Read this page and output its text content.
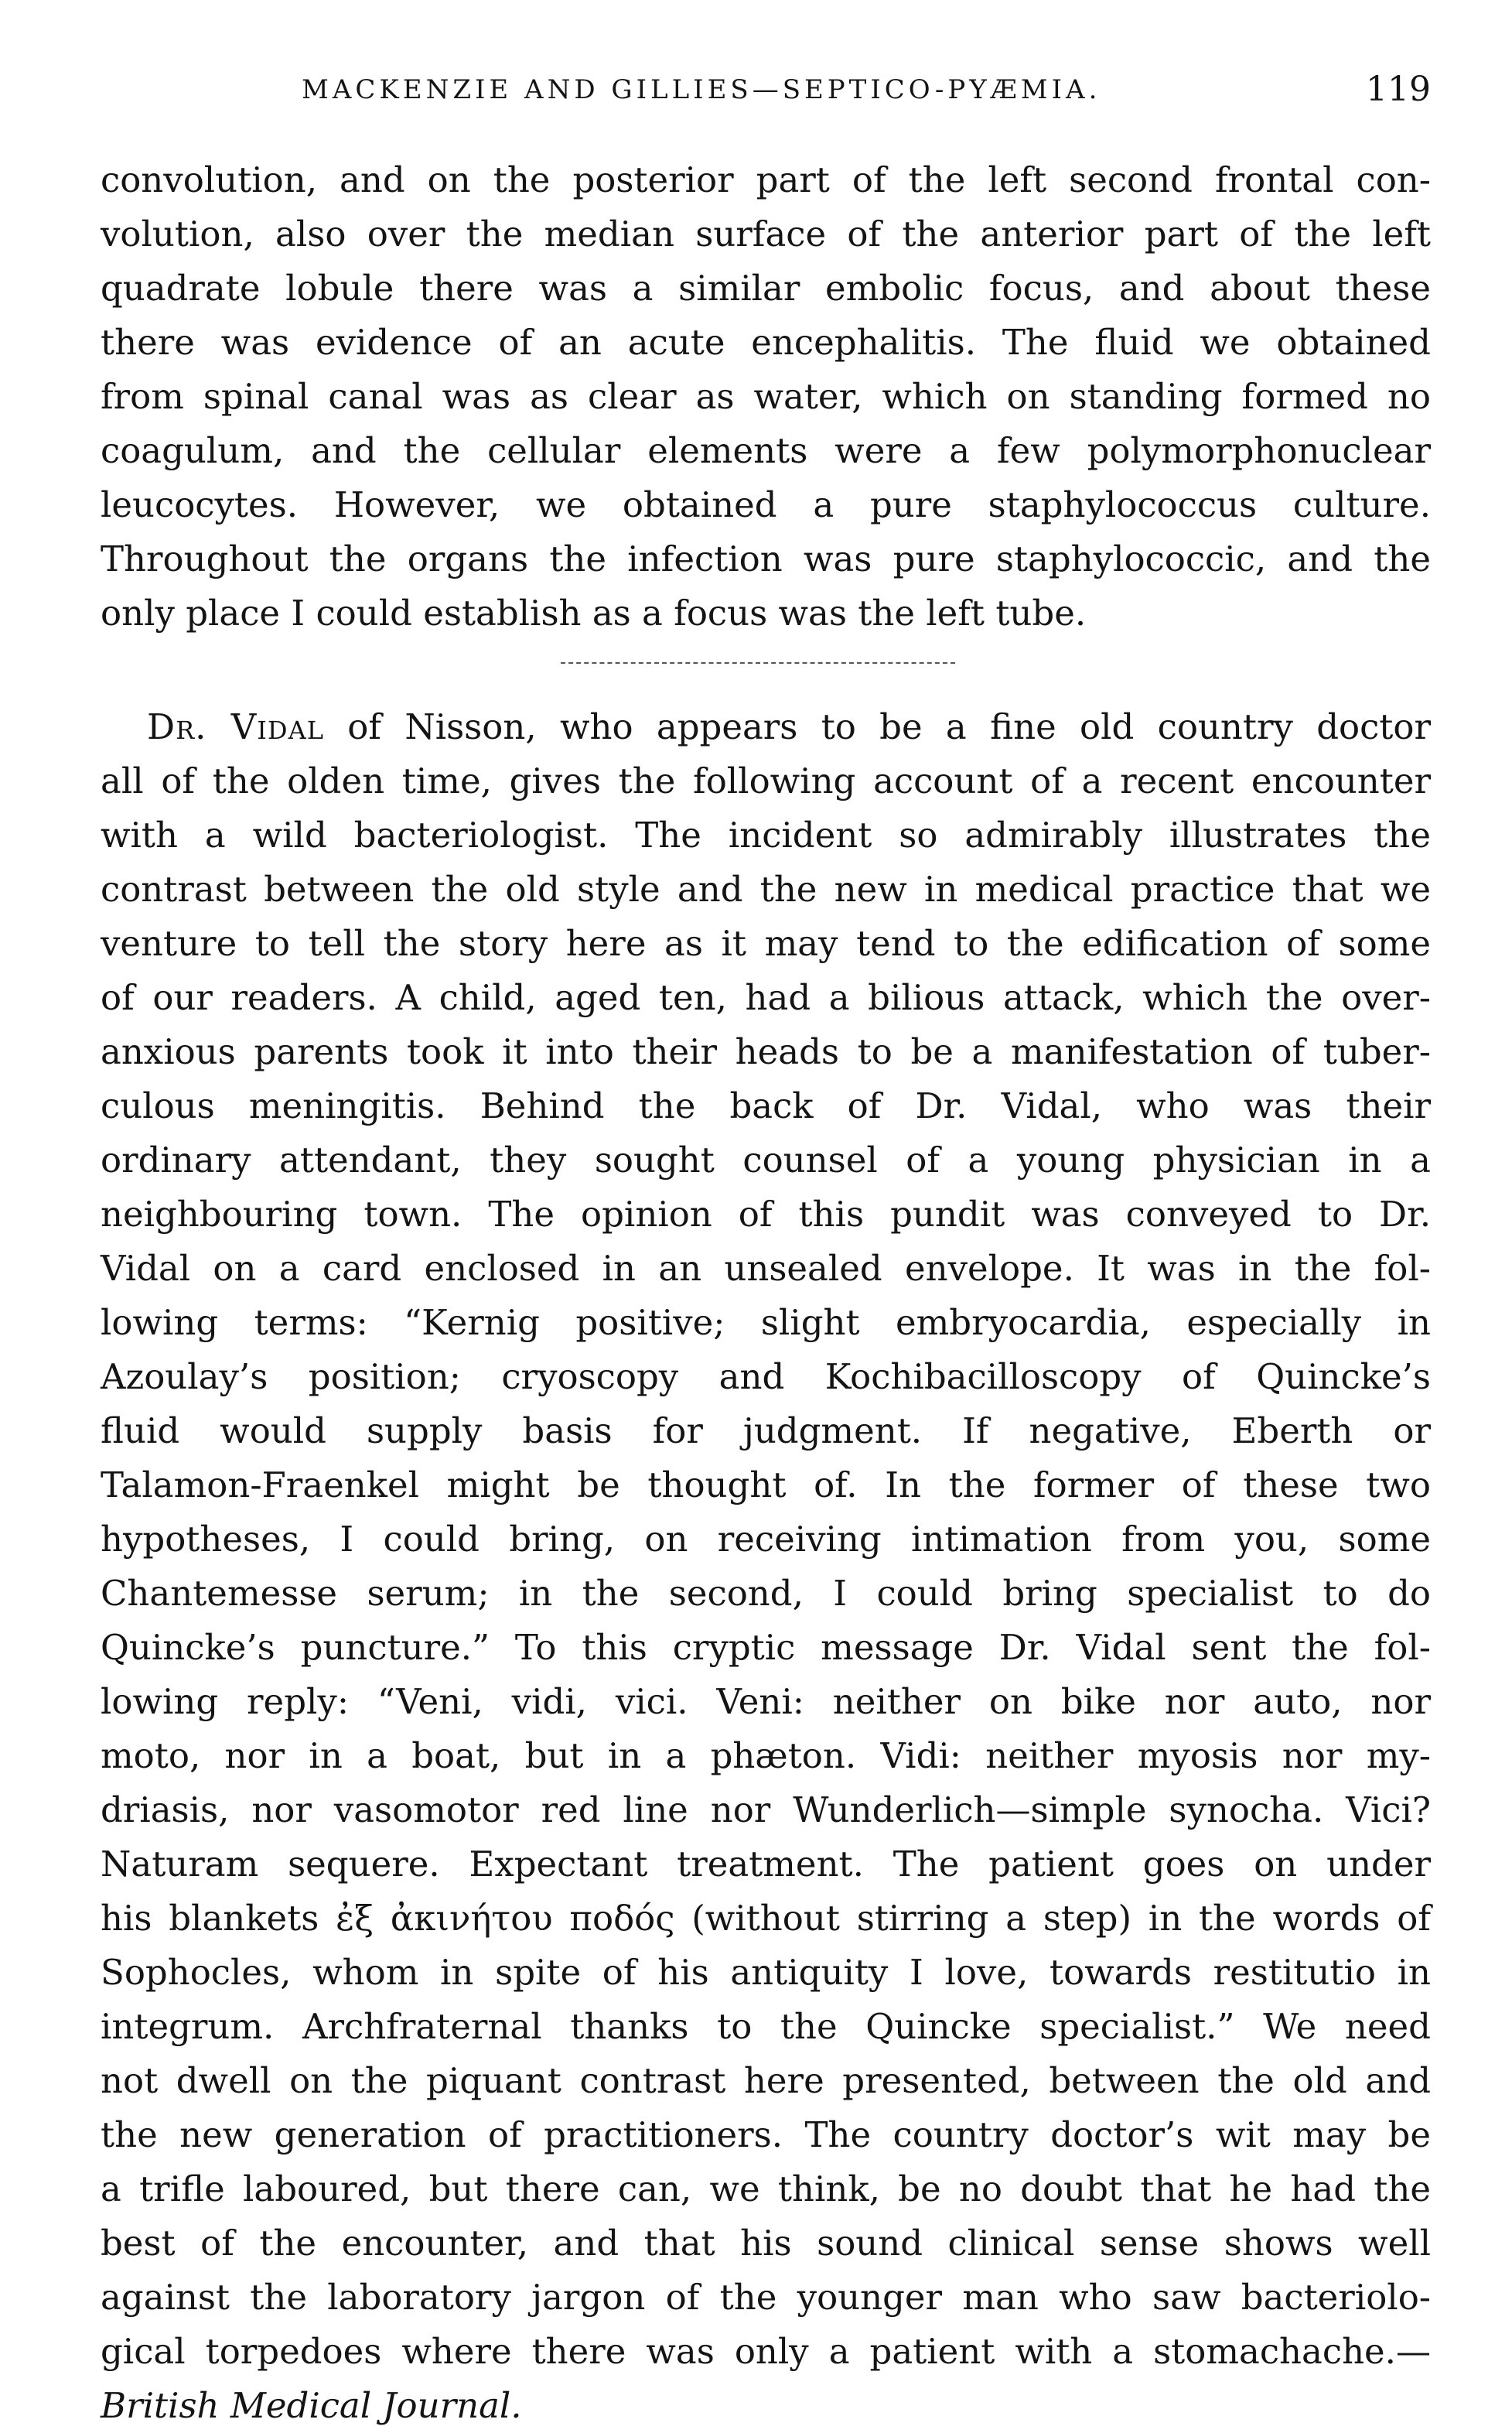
MACKENZIE AND GILLIES—SEPTICO-PYÆMIA.	119
convolution, and on the posterior part of the left second frontal con-
volution, also over the median surface of the anterior part of the left
quadrate lobule there was a similar embolic focus, and about these
there was evidence of an acute encephalitis. The fluid we obtained
from spinal canal was as clear as water, which on standing formed no
coagulum, and the cellular elements were a few polymorphonuclear
leucocytes. However, we obtained a pure staphylococcus culture.
Throughout the organs the infection was pure staphylococcic, and the
only place I could establish as a focus was the left tube.
Dr. Vidal of Nisson, who appears to be a fine old country doctor
all of the olden time, gives the following account of a recent encounter
with a wild bacteriologist. The incident so admirably illustrates the
contrast between the old style and the new in medical practice that we
venture to tell the story here as it may tend to the edification of some
of our readers. A child, aged ten, had a bilious attack, which the over-
anxious parents took it into their heads to be a manifestation of tuber-
culous meningitis. Behind the back of Dr. Vidal, who was their
ordinary attendant, they sought counsel of a young physician in a
neighbouring town. The opinion of this pundit was conveyed to Dr.
Vidal on a card enclosed in an unsealed envelope. It was in the fol-
lowing terms: “Kernig positive; slight embryocardia, especially in
Azoulay’s position; cryoscopy and Kochibacilloscopy of Quincke’s
fluid would supply basis for judgment. If negative, Eberth or
Talamon-Fraenkel might be thought of. In the former of these two
hypotheses, I could bring, on receiving intimation from you, some
Chantemesse serum; in the second, I could bring specialist to do
Quincke’s puncture.” To this cryptic message Dr. Vidal sent the fol-
lowing reply: “Veni, vidi, vici. Veni: neither on bike nor auto, nor
moto, nor in a boat, but in a phæton. Vidi: neither myosis nor my-
driasis, nor vasomotor red line nor Wunderlich—simple synocha. Vici?
Naturam sequere. Expectant treatment. The patient goes on under
his blankets ἐξ ἀκινήτου ποδός (without stirring a step) in the words of
Sophocles, whom in spite of his antiquity I love, towards restitutio in
integrum. Archfraternal thanks to the Quincke specialist.” We need
not dwell on the piquant contrast here presented, between the old and
the new generation of practitioners. The country doctor’s wit may be
a trifle laboured, but there can, we think, be no doubt that he had the
best of the encounter, and that his sound clinical sense shows well
against the laboratory jargon of the younger man who saw bacteriolo-
gical torpedoes where there was only a patient with a stomachache.—
British Medical Journal.
